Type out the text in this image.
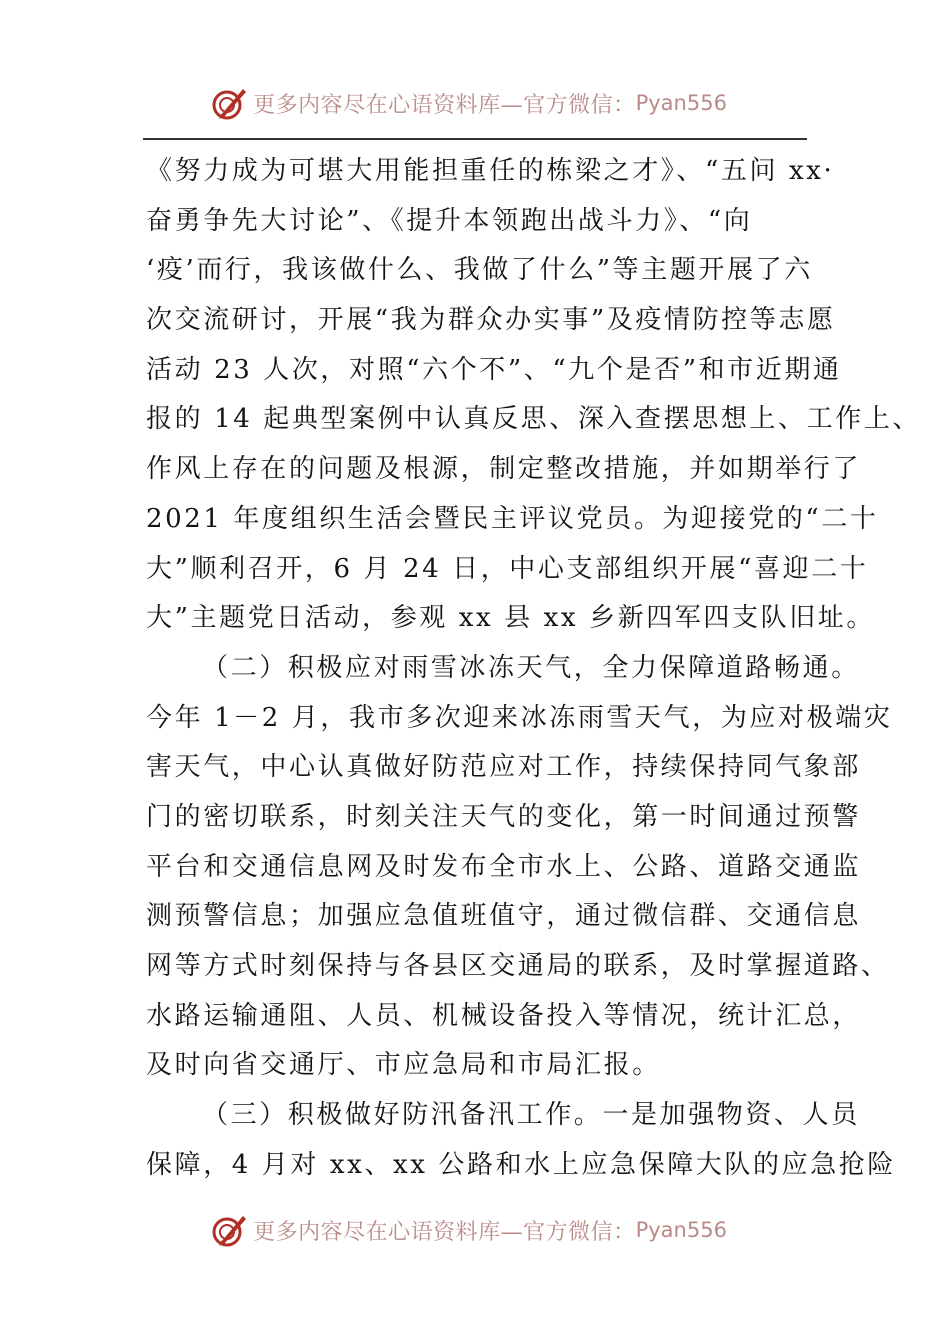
更多内容尽在心语资料库—官方微信： Pyan556
《努力成为可堪大用能担重任的栋梁之才》、“五问 xx·
奋勇争先大讨论”、《提升本领跑出战斗力》、“向
‘疫’而行，我该做什么、我做了什么”等主题开展了六
次交流研讨，开展“我为群众办实事”及疫情防控等志愿
活动 23 人次，对照“六个不”、“九个是否”和市近期通
报的 14 起典型案例中认真反思、深入查摆思想上、工作上、
作风上存在的问题及根源，制定整改措施，并如期举行了
2021 年度组织生活会暨民主评议党员。为迎接党的“二十
大”顺利召开，6 月 24 日，中心支部组织开展“喜迎二十
大”主题党日活动，参观 xx 县 xx 乡新四军四支队旧址。
（二）积极应对雨雪冰冻天气，全力保障道路畅通。
今年 1－2 月，我市多次迎来冰冻雨雪天气，为应对极端灾
害天气，中心认真做好防范应对工作，持续保持同气象部
门的密切联系，时刻关注天气的变化，第一时间通过预警
平台和交通信息网及时发布全市水上、公路、道路交通监
测预警信息；加强应急值班值守，通过微信群、交通信息
网等方式时刻保持与各县区交通局的联系，及时掌握道路、
水路运输通阻、人员、机械设备投入等情况，统计汇总，
及时向省交通厅、市应急局和市局汇报。
（三）积极做好防汛备汛工作。一是加强物资、人员
保障，4 月对 xx、xx 公路和水上应急保障大队的应急抢险
更多内容尽在心语资料库—官方微信： Pyan556
